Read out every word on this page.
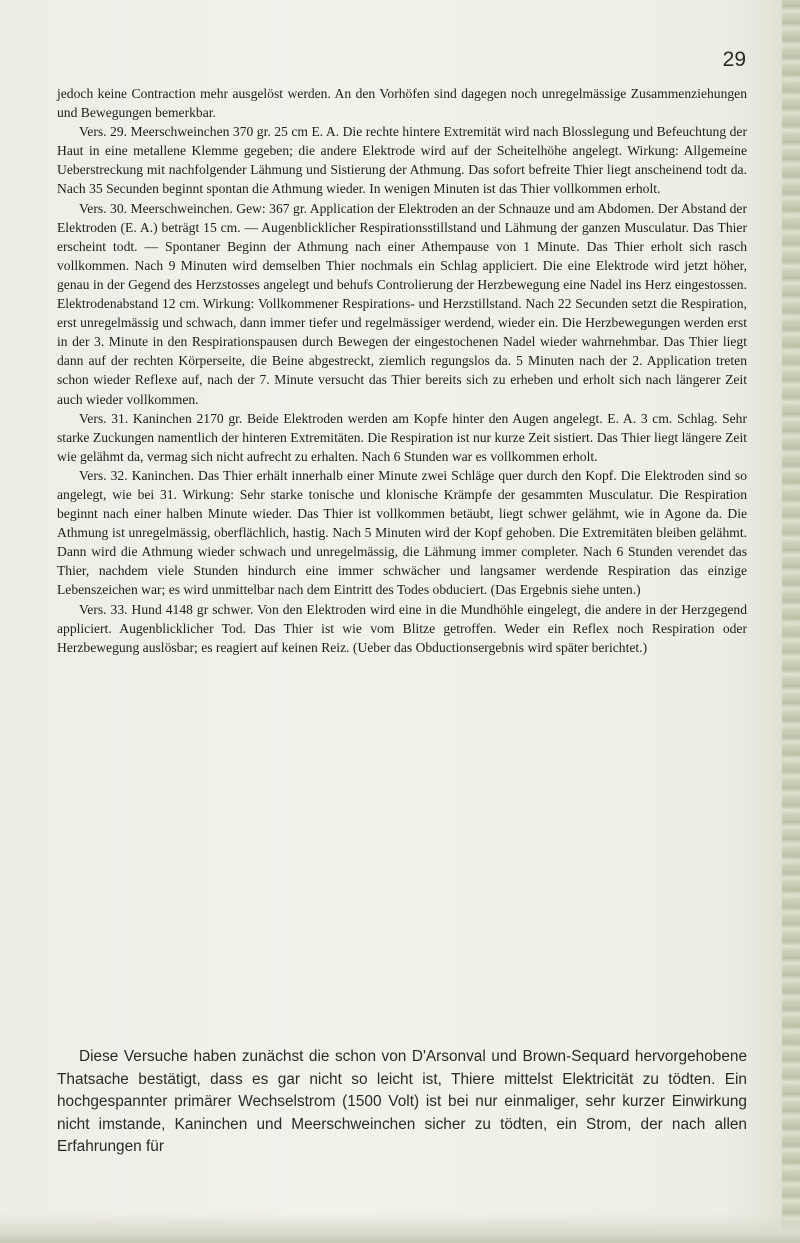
29

jedoch keine Contraction mehr ausgelöst werden. An den Vorhöfen sind dagegen noch unregelmässige Zusammenziehungen und Bewegungen bemerkbar.

Vers. 29. Meerschweinchen 370 gr. 25 cm E. A. Die rechte hintere Extremität wird nach Blosslegung und Befeuchtung der Haut in eine metallene Klemme gegeben; die andere Elektrode wird auf der Scheitelhöhe angelegt. Wirkung: Allgemeine Ueberstreckung mit nachfolgender Lähmung und Sistierung der Athmung. Das sofort befreite Thier liegt anscheinend todt da. Nach 35 Secunden beginnt spontan die Athmung wieder. In wenigen Minuten ist das Thier vollkommen erholt.

Vers. 30. Meerschweinchen. Gew: 367 gr. Application der Elektroden an der Schnauze und am Abdomen. Der Abstand der Elektroden (E. A.) beträgt 15 cm. — Augenblicklicher Respirationsstillstand und Lähmung der ganzen Musculatur. Das Thier erscheint todt. — Spontaner Beginn der Athmung nach einer Athempause von 1 Minute. Das Thier erholt sich rasch vollkommen. Nach 9 Minuten wird demselben Thier nochmals ein Schlag appliciert. Die eine Elektrode wird jetzt höher, genau in der Gegend des Herzstosses angelegt und behufs Controlierung der Herzbewegung eine Nadel ins Herz eingestossen. Elektrodenabstand 12 cm. Wirkung: Vollkommener Respirations- und Herzstillstand. Nach 22 Secunden setzt die Respiration, erst unregelmässig und schwach, dann immer tiefer und regelmässiger werdend, wieder ein. Die Herzbewegungen werden erst in der 3. Minute in den Respirationspausen durch Bewegen der eingestochenen Nadel wieder wahrnehmbar. Das Thier liegt dann auf der rechten Körperseite, die Beine abgestreckt, ziemlich regungslos da. 5 Minuten nach der 2. Application treten schon wieder Reflexe auf, nach der 7. Minute versucht das Thier bereits sich zu erheben und erholt sich nach längerer Zeit auch wieder vollkommen.

Vers. 31. Kaninchen 2170 gr. Beide Elektroden werden am Kopfe hinter den Augen angelegt. E. A. 3 cm. Schlag. Sehr starke Zuckungen namentlich der hinteren Extremitäten. Die Respiration ist nur kurze Zeit sistiert. Das Thier liegt längere Zeit wie gelähmt da, vermag sich nicht aufrecht zu erhalten. Nach 6 Stunden war es vollkommen erholt.

Vers. 32. Kaninchen. Das Thier erhält innerhalb einer Minute zwei Schläge quer durch den Kopf. Die Elektroden sind so angelegt, wie bei 31. Wirkung: Sehr starke tonische und klonische Krämpfe der gesammten Musculatur. Die Respiration beginnt nach einer halben Minute wieder. Das Thier ist vollkommen betäubt, liegt schwer gelähmt, wie in Agone da. Die Athmung ist unregelmässig, oberflächlich, hastig. Nach 5 Minuten wird der Kopf gehoben. Die Extremitäten bleiben gelähmt. Dann wird die Athmung wieder schwach und unregelmässig, die Lähmung immer completer. Nach 6 Stunden verendet das Thier, nachdem viele Stunden hindurch eine immer schwächer und langsamer werdende Respiration das einzige Lebenszeichen war; es wird unmittelbar nach dem Eintritt des Todes obduciert. (Das Ergebnis siehe unten.)

Vers. 33. Hund 4148 gr schwer. Von den Elektroden wird eine in die Mundhöhle eingelegt, die andere in der Herzgegend appliciert. Augenblicklicher Tod. Das Thier ist wie vom Blitze getroffen. Weder ein Reflex noch Respiration oder Herzbewegung auslösbar; es reagiert auf keinen Reiz. (Ueber das Obductionsergebnis wird später berichtet.)

Diese Versuche haben zunächst die schon von D'Arsonval und Brown-Sequard hervorgehobene Thatsache bestätigt, dass es gar nicht so leicht ist, Thiere mittelst Elektricität zu tödten. Ein hochgespannter primärer Wechselstrom (1500 Volt) ist bei nur einmaliger, sehr kurzer Einwirkung nicht imstande, Kaninchen und Meerschweinchen sicher zu tödten, ein Strom, der nach allen Erfahrungen für
